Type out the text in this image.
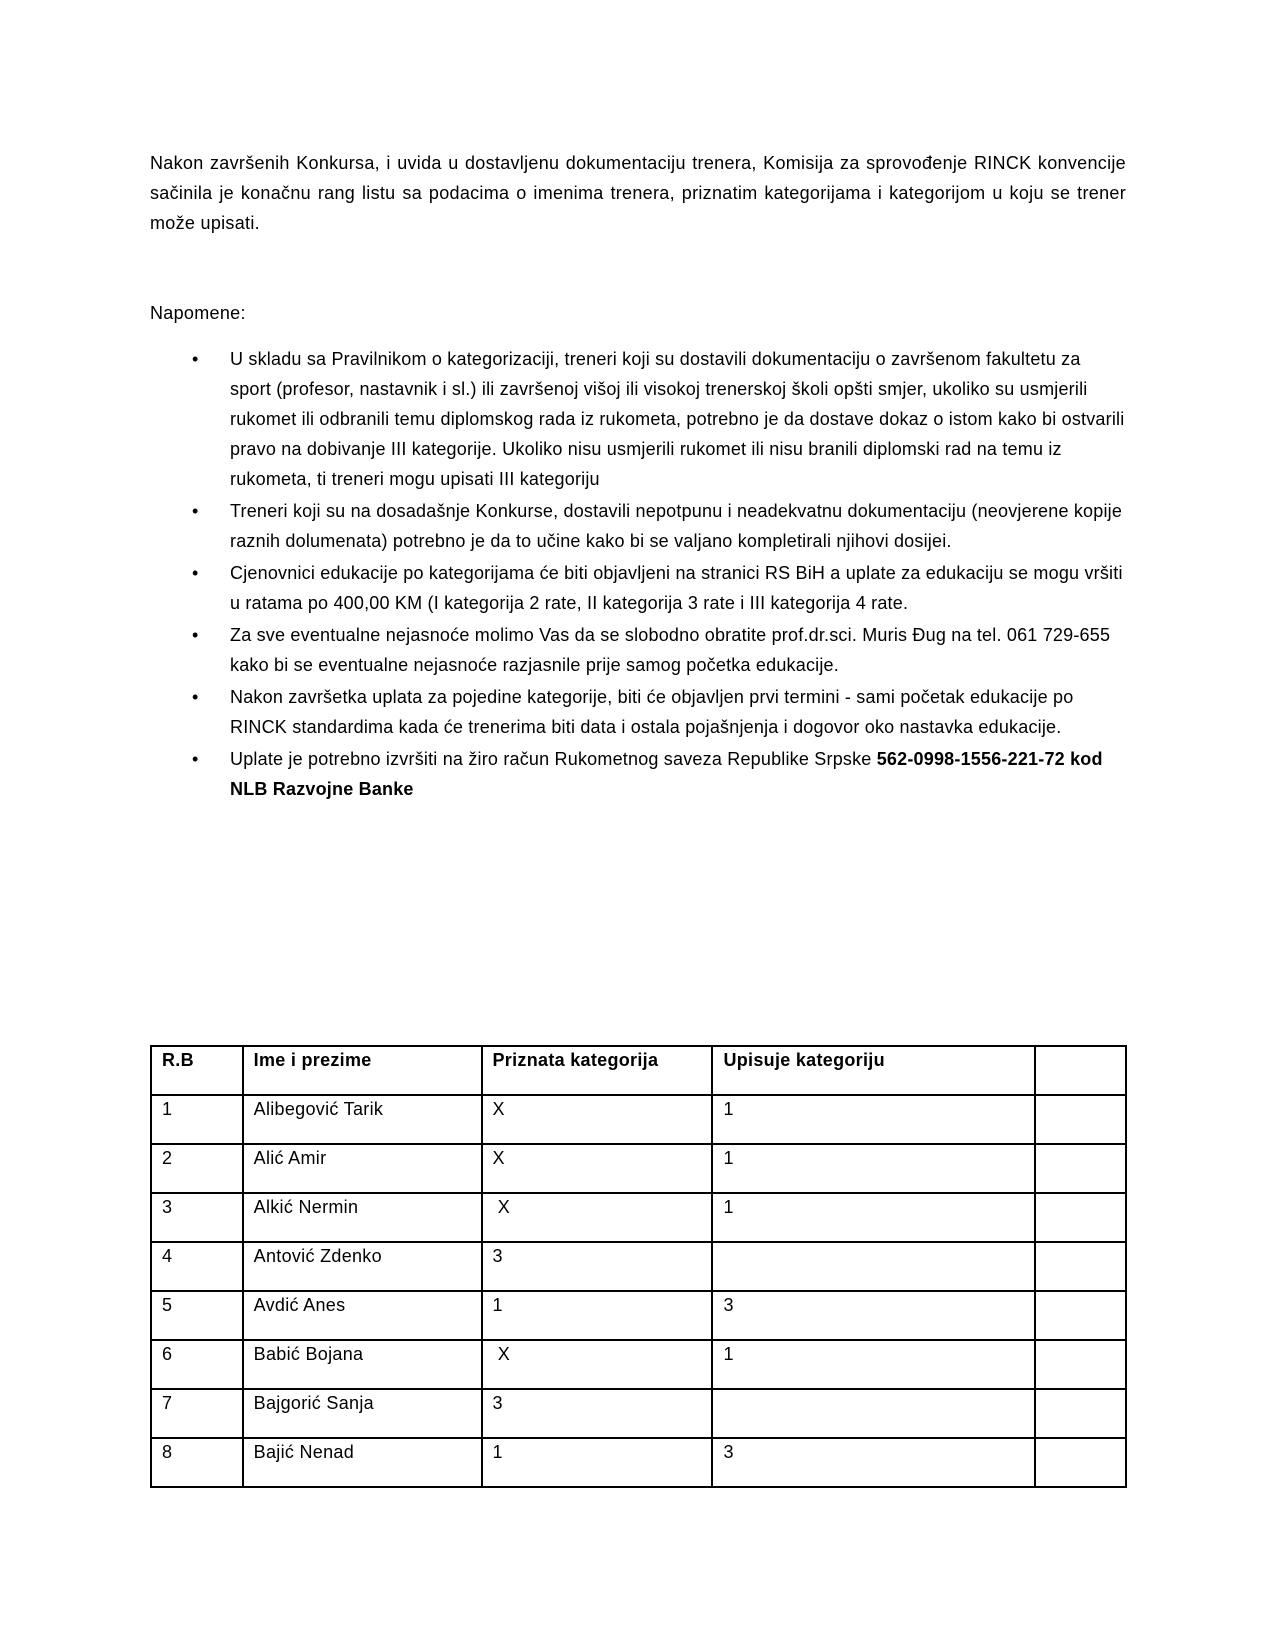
Nakon završenih Konkursa, i uvida u dostavljenu dokumentaciju trenera, Komisija za sprovođenje RINCK konvencije sačinila je konačnu rang listu sa podacima o imenima trenera, priznatim kategorijama i kategorijom u koju se trener može upisati.

Napomene:

• U skladu sa Pravilnikom o kategorizaciji, treneri koji su dostavili dokumentaciju o završenom fakultetu za sport (profesor, nastavnik i sl.) ili završenoj višoj ili visokoj trenerskoj školi opšti smjer, ukoliko su usmjerili rukomet ili odbranili temu diplomskog rada iz rukometa, potrebno je da dostave dokaz o istom kako bi ostvarili pravo na dobivanje III kategorije. Ukoliko nisu usmjerili rukomet ili nisu branili diplomski rad na temu iz rukometa, ti treneri mogu upisati III kategoriju
• Treneri koji su na dosadašnje Konkurse, dostavili nepotpunu i neadekvatnu dokumentaciju (neovjerene kopije raznih dolumenata) potrebno je da to učine kako bi se valjano kompletirali njihovi dosijei.
• Cjenovnici edukacije po kategorijama će biti objavljeni na stranici RS BiH a uplate za edukaciju se mogu vršiti u ratama po 400,00 KM (I kategorija 2 rate, II kategorija 3 rate i III kategorija 4 rate.
• Za sve eventualne nejasnoće molimo Vas da se slobodno obratite prof.dr.sci. Muris Đug na tel. 061 729-655 kako bi se eventualne nejasnoće razjasnile prije samog početka edukacije.
• Nakon završetka uplata za pojedine kategorije, biti će objavljen prvi termini - sami početak edukacije po RINCK standardima kada će trenerima biti data i ostala pojašnjenja i dogovor oko nastavka edukacije.
• Uplate je potrebno izvršiti na žiro račun Rukometnog saveza Republike Srpske 562-0998-1556-221-72 kod NLB Razvojne Banke
R.B	Ime i prezime	Priznata kategorija	Upisuje kategoriju	
1	Alibegović Tarik	X	1	
2	Alić Amir	X	1	
3	Alkić Nermin	X	1	
4	Antović Zdenko	3		
5	Avdić Anes	1	3	
6	Babić Bojana	X	1	
7	Bajgorić Sanja	3		
8	Bajić Nenad	1	3	
